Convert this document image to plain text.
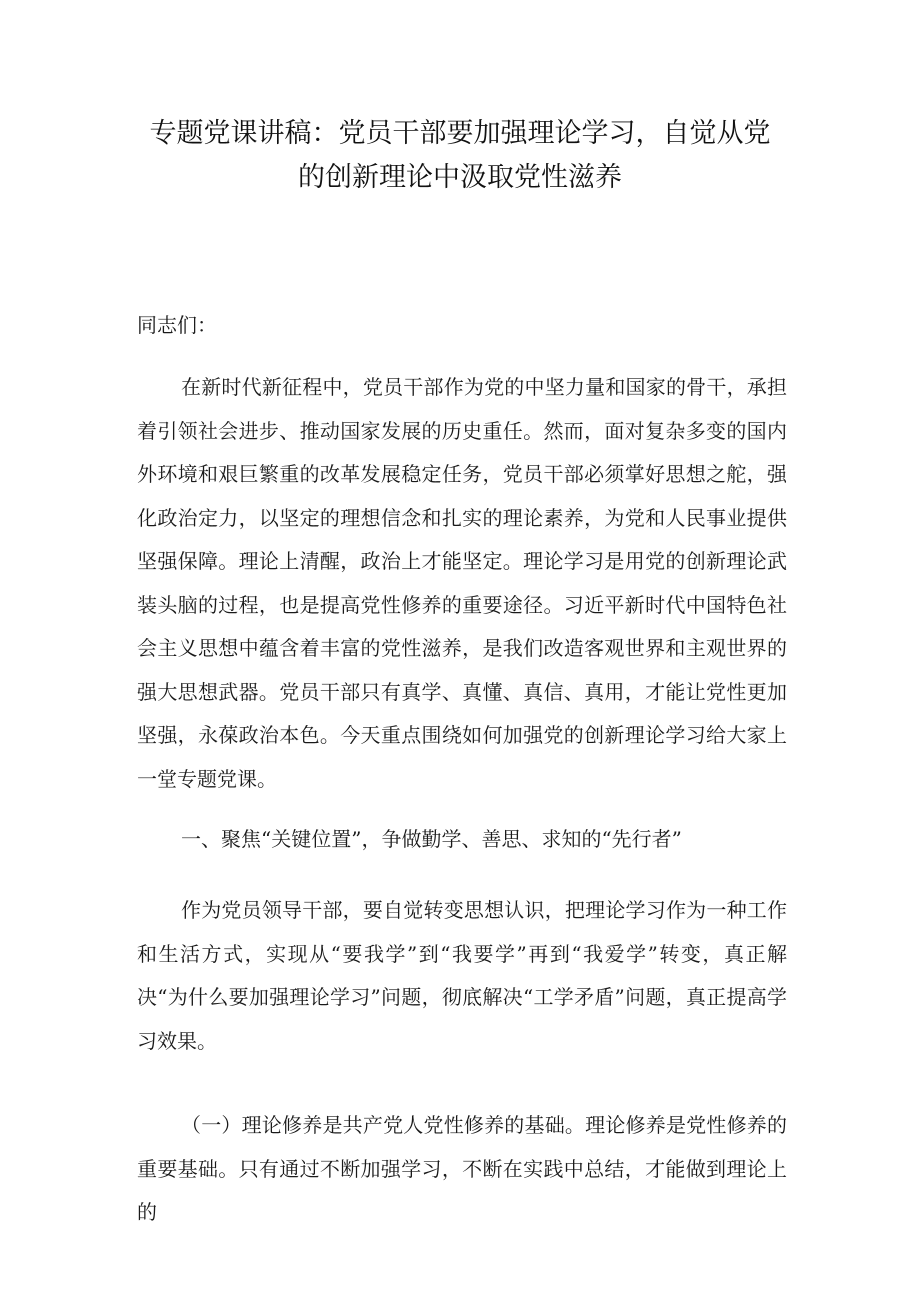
专题党课讲稿：党员干部要加强理论学习，自觉从党
的创新理论中汲取党性滋养

同志们：

在新时代新征程中，党员干部作为党的中坚力量和国家的骨干，承担着引领社会进步、推动国家发展的历史重任。然而，面对复杂多变的国内外环境和艰巨繁重的改革发展稳定任务，党员干部必须掌好思想之舵，强化政治定力，以坚定的理想信念和扎实的理论素养，为党和人民事业提供坚强保障。理论上清醒，政治上才能坚定。理论学习是用党的创新理论武装头脑的过程，也是提高党性修养的重要途径。习近平新时代中国特色社会主义思想中蕴含着丰富的党性滋养，是我们改造客观世界和主观世界的强大思想武器。党员干部只有真学、真懂、真信、真用，才能让党性更加坚强，永葆政治本色。今天重点围绕如何加强党的创新理论学习给大家上一堂专题党课。

一、聚焦“关键位置”，争做勤学、善思、求知的“先行者”

作为党员领导干部，要自觉转变思想认识，把理论学习作为一种工作和生活方式，实现从“要我学”到“我要学”再到“我爱学”转变，真正解决“为什么要加强理论学习”问题，彻底解决“工学矛盾”问题，真正提高学习效果。

（一）理论修养是共产党人党性修养的基础。理论修养是党性修养的重要基础。只有通过不断加强学习，不断在实践中总结，才能做到理论上的
